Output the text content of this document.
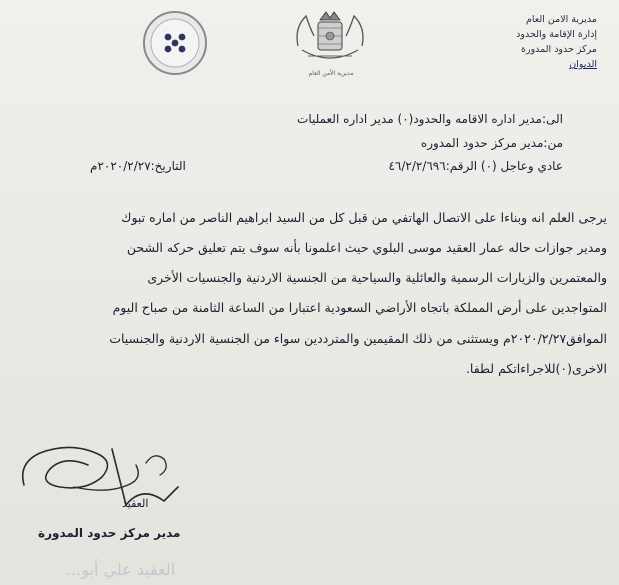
مديرية الامن العام
إدارة الإقامة والحدود
مركز حدود المدورة
الديوان
مديرية الأمن العام
الى:مدير اداره الاقامه والحدود(٠) مدير اداره العمليات
من:مدير مركز حدود المدوره
عادي وعاجل (٠) الرقم:٤٦/٢/٢/٦٩٦
التاريخ:٢٠٢٠/٢/٢٧م
يرجى العلم انه وبناءا على الاتصال الهاتفي من قبل كل من السيد ابراهيم الناصر من اماره تبوك
ومدير جوازات حاله عمار العقيد موسى البلوي حيث اعلمونا بأنه سوف يتم تعليق حركه الشحن
والمعتمرين والزيارات الرسمية والعائلية والسياحية من الجنسية الاردنية والجنسيات الأخرى
المتواجدين على أرض المملكة باتجاه الأراضي السعودية اعتبارا من الساعة الثامنة من صباح اليوم
الموافق٢٠٢٠/٢/٢٧م ويستثنى من ذلك المقيمين والمترددين سواء من الجنسية الاردنية والجنسيات
الاخرى(٠)للاجراءاتكم لطفا.
العقيد
مدير مركز حدود المدورة
العقيد علي أبو...
